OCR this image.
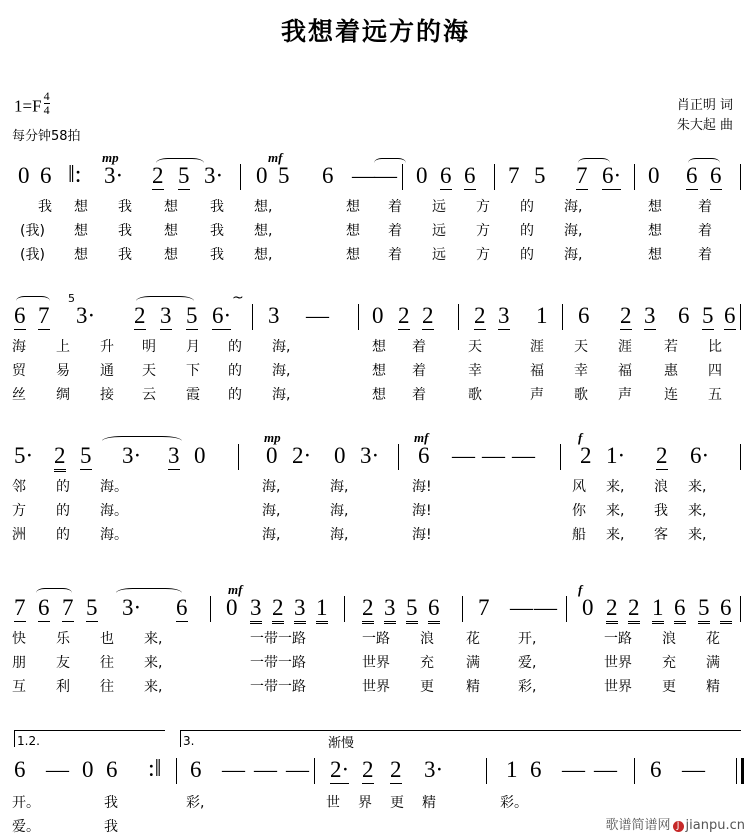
我想着远方的海
$1=F \frac{4}{4}$
每分钟58拍
肖正明 词
朱大起 曲
mp	mf
0 6 3· 2 5 3· 0 5 6 — — 0 6 6 7 5 7 6· 0 6 6
‖:
我 想 我 想 我 想,	想 着 远 方 的 海,	想	着
(我) 想 我 想 我 想,	想 着 远 方 的 海,	想	着
(我) 想 我 想 我 想,	想 着 远 方 的 海,	想	着
5	~
6 7 3· 2 3 5 6· 3 — 0 2 2 2 3 1 6 2 3 6 5 6
海 上 升 明 月 的 海,	想 着	天	涯 天 涯 若 比
贸 易 通 天 下 的 海,	想 着	幸	福 幸 福 惠 四
丝 绸 接 云 霞 的 海,	想 着	歌	声 歌 声 连 五
mp	mf	f
5· 2 5 3· 3 0	0 2· 0 3· 6 — — — 2 1· 2 6·
邻 的 海。	海,	海,	海!	风 来, 浪 来,
方 的 海。	海,	海,	海!	你 来, 我 来,
洲 的 海。	海,	海,	海!	船 来, 客 来,
mf	f
7 6 7 5 3· 6 0 3 2 3 1 2 3 5 6 7 — — 0 2 2 1 6 5 6
快 乐 也 来,	一带一路	一路 浪 花	开,	一路 浪 花
朋 友 往 来,	一带一路	世界 充 满	爱,	世界 充 满
互 利 往 来,	一带一路	世界 更 精	彩,	世界 更 精
1.2.	3.	渐慢
6 — 0 6	6 — — — 2· 2 2 3·	1 6 — — 6 —
:‖
开。	我	彩,	世 界 更 精	彩。
爱。	我	歌谱简谱网 J jianpu.cn
